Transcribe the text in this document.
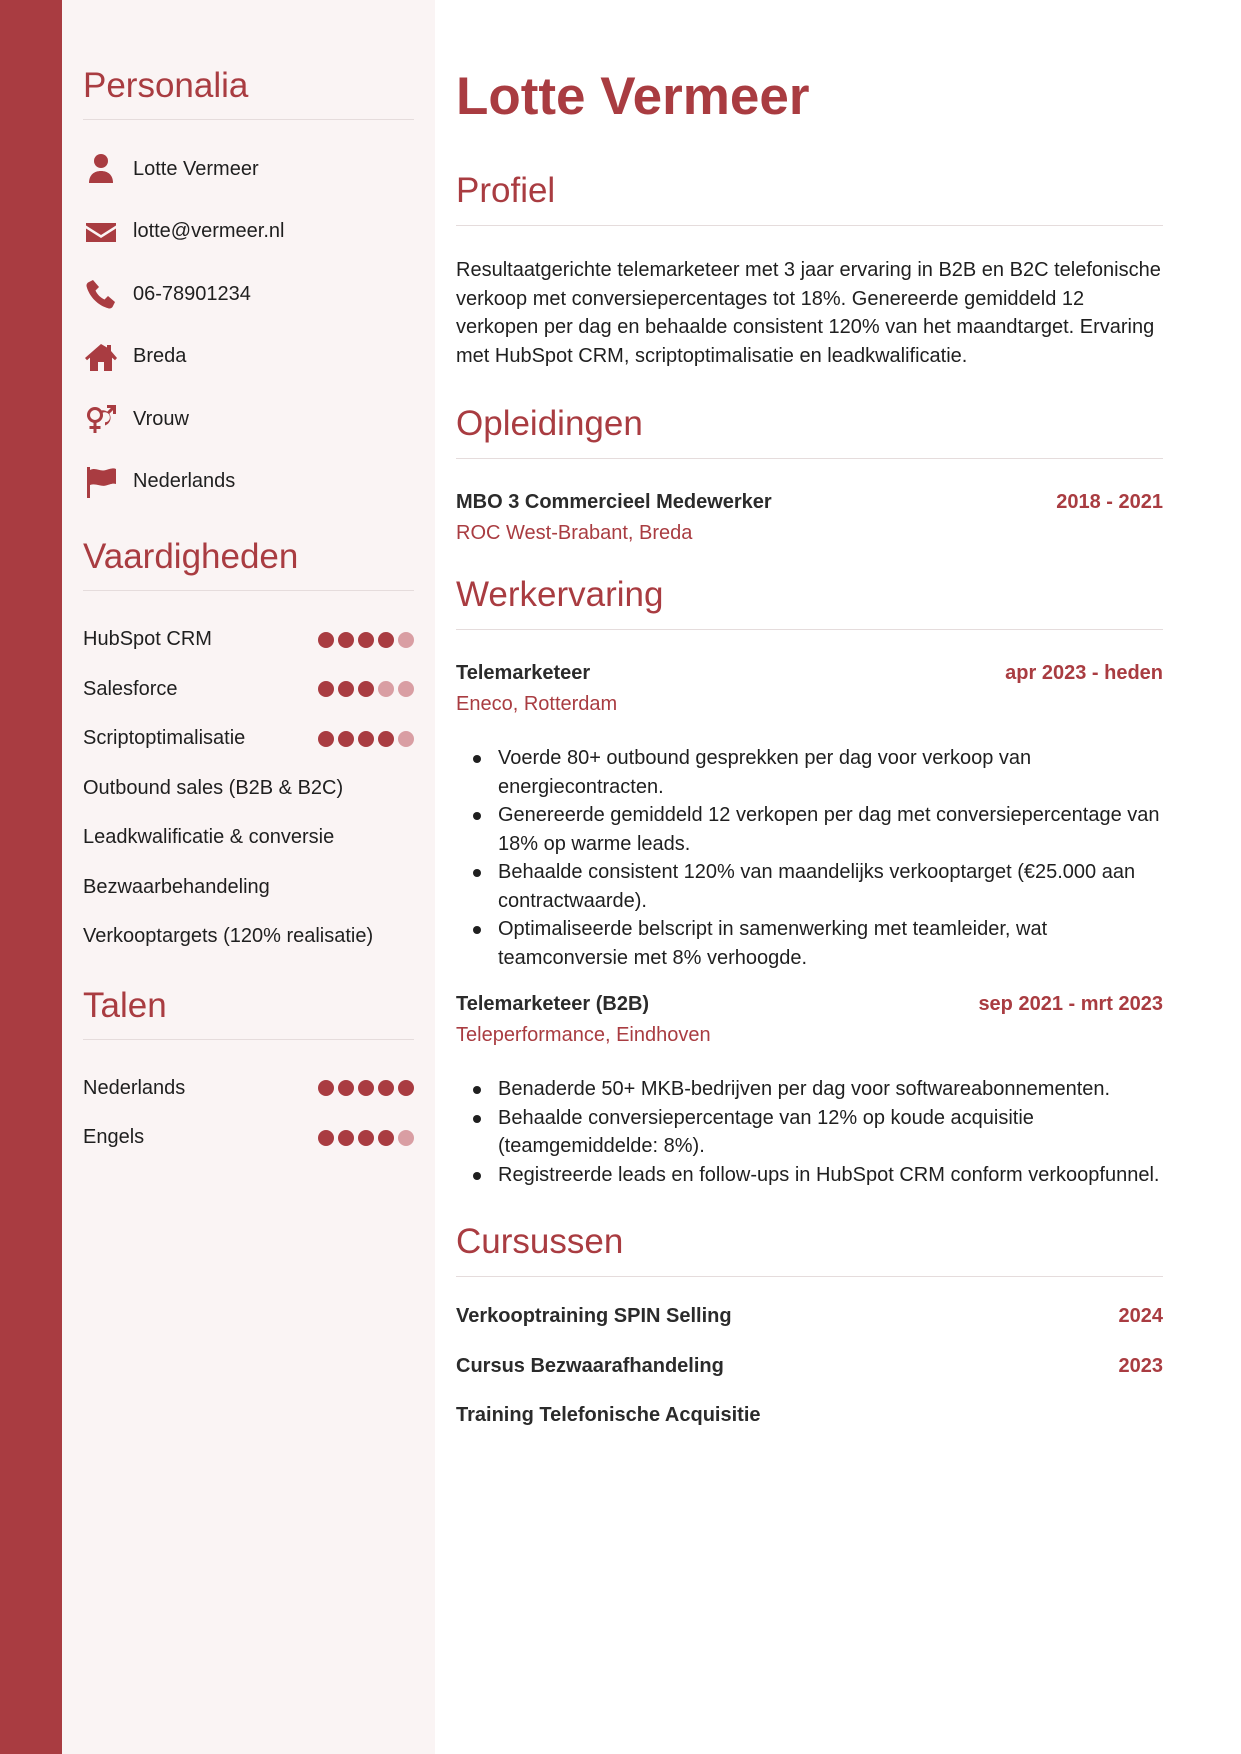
Personalia
Lotte Vermeer
lotte@vermeer.nl
06-78901234
Breda
Vrouw
Nederlands
Vaardigheden
HubSpot CRM
Salesforce
Scriptoptimalisatie
Outbound sales (B2B & B2C)
Leadkwalificatie & conversie
Bezwaarbehandeling
Verkooptargets (120% realisatie)
Talen
Nederlands
Engels
Lotte Vermeer
Profiel

Resultaatgerichte telemarketeer met 3 jaar ervaring in B2B en B2C telefonische verkoop met conversiepercentages tot 18%. Genereerde gemiddeld 12 verkopen per dag en behaalde consistent 120% van het maandtarget. Ervaring met HubSpot CRM, scriptoptimalisatie en leadkwalificatie.

Opleidingen
MBO 3 Commercieel Medewerker	2018 - 2021
ROC West-Brabant, Breda
Werkervaring
Telemarketeer	apr 2023 - heden
Eneco, Rotterdam
Voerde 80+ outbound gesprekken per dag voor verkoop van energiecontracten.
Genereerde gemiddeld 12 verkopen per dag met conversiepercentage van 18% op warme leads.
Behaalde consistent 120% van maandelijks verkooptarget (€25.000 aan contractwaarde).
Optimaliseerde belscript in samenwerking met teamleider, wat teamconversie met 8% verhoogde.
Telemarketeer (B2B)	sep 2021 - mrt 2023
Teleperformance, Eindhoven
Benaderde 50+ MKB-bedrijven per dag voor softwareabonnementen.
Behaalde conversiepercentage van 12% op koude acquisitie (teamgemiddelde: 8%).
Registreerde leads en follow-ups in HubSpot CRM conform verkoopfunnel.
Cursussen
Verkooptraining SPIN Selling	2024
Cursus Bezwaarafhandeling	2023
Training Telefonische Acquisitie
